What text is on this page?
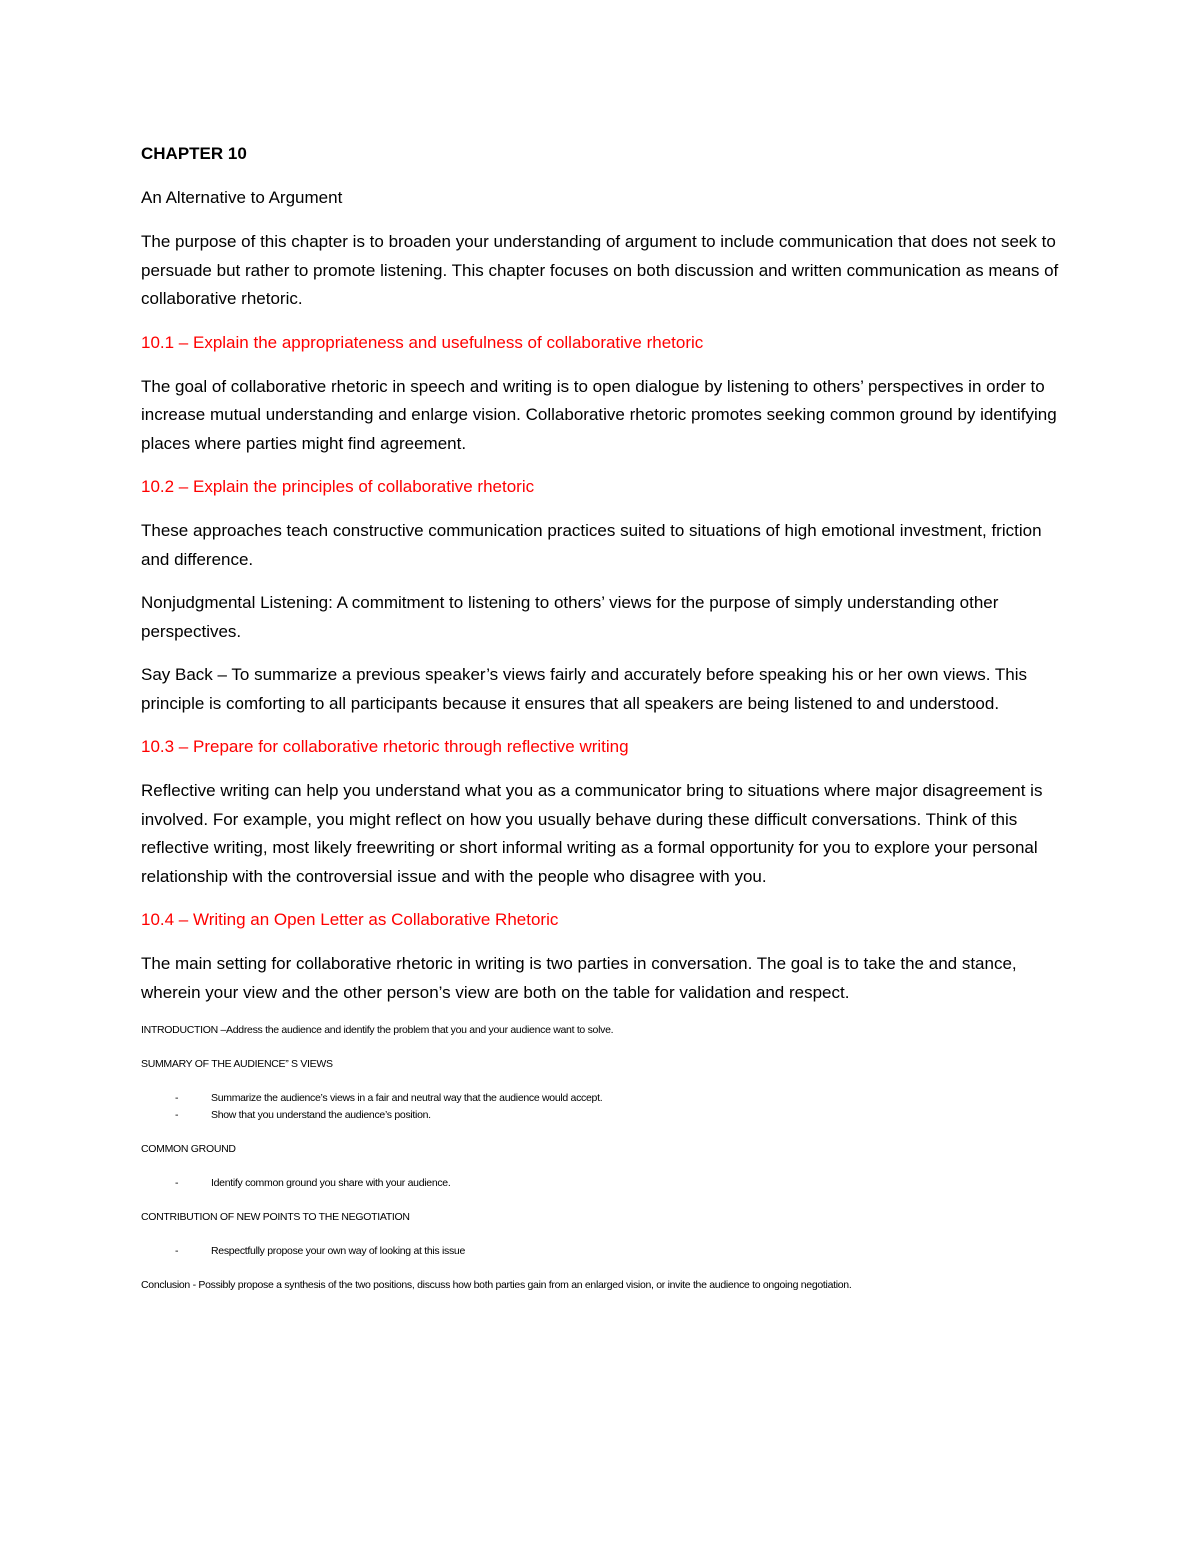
CHAPTER 10

An Alternative to Argument

The purpose of this chapter is to broaden your understanding of argument to include communication that does not seek to persuade but rather to promote listening. This chapter focuses on both discussion and written communication as means of collaborative rhetoric.

10.1 – Explain the appropriateness and usefulness of collaborative rhetoric

The goal of collaborative rhetoric in speech and writing is to open dialogue by listening to others’ perspectives in order to increase mutual understanding and enlarge vision. Collaborative rhetoric promotes seeking common ground by identifying places where parties might find agreement.

10.2 – Explain the principles of collaborative rhetoric

These approaches teach constructive communication practices suited to situations of high emotional investment, friction and difference.

Nonjudgmental Listening: A commitment to listening to others’ views for the purpose of simply understanding other perspectives.

Say Back – To summarize a previous speaker’s views fairly and accurately before speaking his or her own views. This principle is comforting to all participants because it ensures that all speakers are being listened to and understood.

10.3 – Prepare for collaborative rhetoric through reflective writing

Reflective writing can help you understand what you as a communicator bring to situations where major disagreement is involved. For example, you might reflect on how you usually behave during these difficult conversations. Think of this reflective writing, most likely freewriting or short informal writing as a formal opportunity for you to explore your personal relationship with the controversial issue and with the people who disagree with you.

10.4 – Writing an Open Letter as Collaborative Rhetoric

The main setting for collaborative rhetoric in writing is two parties in conversation. The goal is to take the and stance, wherein your view and the other person’s view are both on the table for validation and respect.

INTRODUCTION –Address the audience and identify the problem that you and your audience want to solve.

SUMMARY OF THE AUDIENCE” S VIEWS

-	Summarize the audience’s views in a fair and neutral way that the audience would accept.
-	Show that you understand the audience’s position.

COMMON GROUND

-	Identify common ground you share with your audience.

CONTRIBUTION OF NEW POINTS TO THE NEGOTIATION

-	Respectfully propose your own way of looking at this issue

Conclusion - Possibly propose a synthesis of the two positions, discuss how both parties gain from an enlarged vision, or invite the audience to ongoing negotiation.
